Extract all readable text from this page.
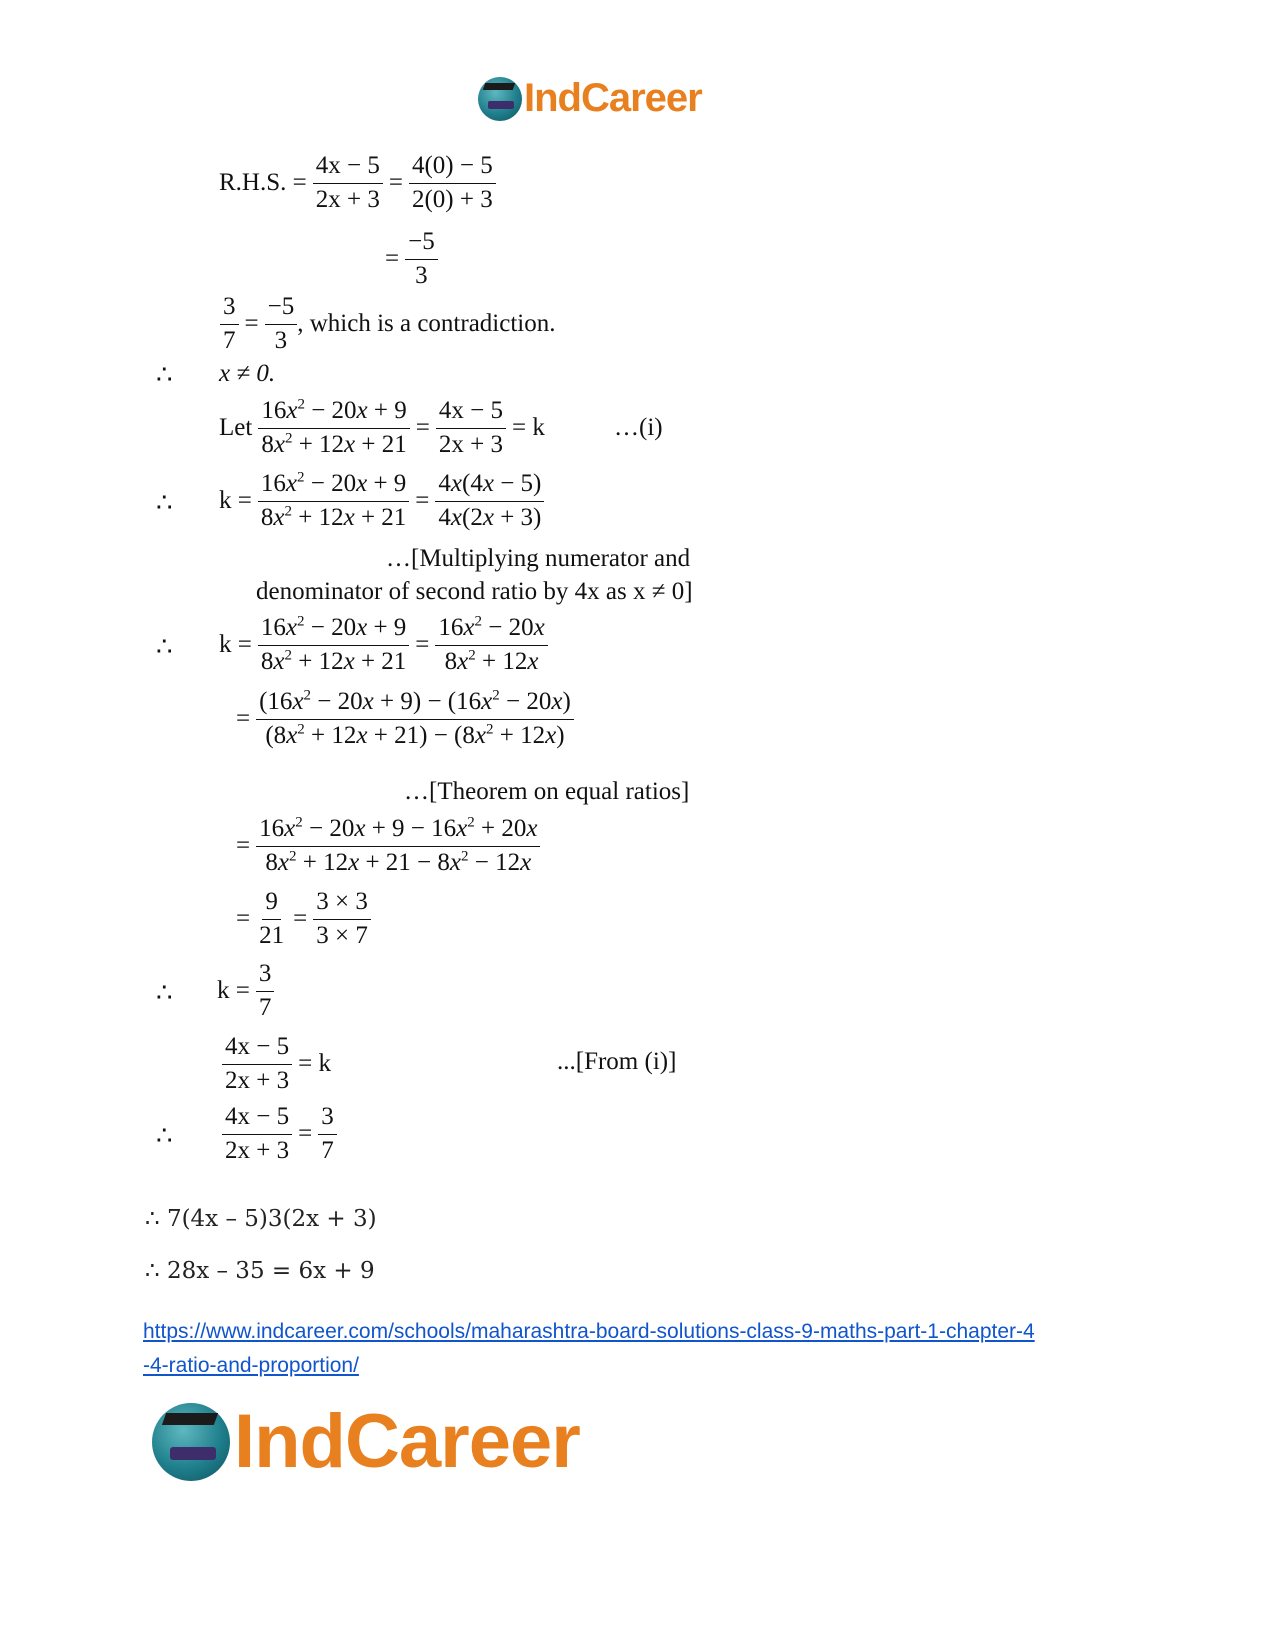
IndCareer
R.H.S. = $\frac{4x - 5}{2x + 3} = \frac{4(0) - 5}{2(0) + 3}$
= $\frac{-5}{3}$
$\frac{3}{7} = \frac{-5}{3}$ , which is a contradiction.
∴ x ≠ 0.
Let $\frac{16x^2 - 20x + 9}{8x^2 + 12x + 21} = \frac{4x - 5}{2x + 3} = k$	…(i)
∴ $k = \frac{16x^2 - 20x + 9}{8x^2 + 12x + 21} = \frac{4x(4x - 5)}{4x(2x + 3)}$
…[Multiplying numerator and
denominator of second ratio by 4x as x ≠ 0]
∴ $k = \frac{16x^2 - 20x + 9}{8x^2 + 12x + 21} = \frac{16x^2 - 20x}{8x^2 + 12x}$
= $\frac{(16x^2 - 20x + 9) - (16x^2 - 20x)}{(8x^2 + 12x + 21) - (8x^2 + 12x)}$
…[Theorem on equal ratios]
= $\frac{16x^2 - 20x + 9 - 16x^2 + 20x}{8x^2 + 12x + 21 - 8x^2 - 12x}$
= $\frac{9}{21} = \frac{3 \times 3}{3 \times 7}$
∴ $k = \frac{3}{7}$
$\frac{4x - 5}{2x + 3} = k$	...[From (i)]
∴ $\frac{4x - 5}{2x + 3} = \frac{3}{7}$
∴ 7(4x – 5)3(2x + 3)
∴ 28x – 35 = 6x + 9
https://www.indcareer.com/schools/maharashtra-board-solutions-class-9-maths-part-1-chapter-4
-4-ratio-and-proportion/
IndCareer
